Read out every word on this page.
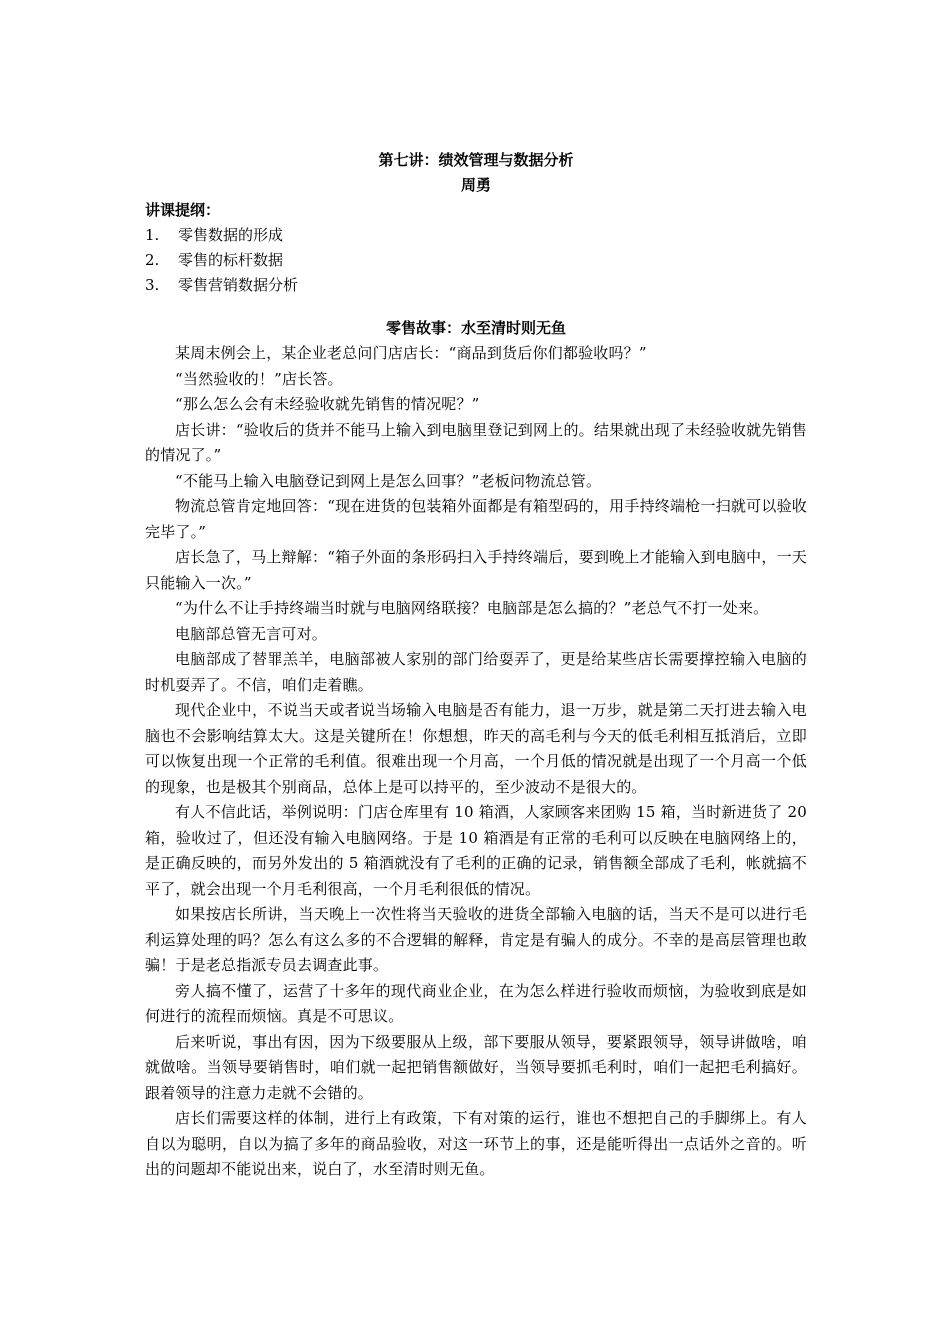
第七讲：绩效管理与数据分析
周勇
讲课提纲：
1.	零售数据的形成
2.	零售的标杆数据
3.	零售营销数据分析
零售故事：水至清时则无鱼

某周末例会上，某企业老总问门店店长：“商品到货后你们都验收吗？”

“当然验收的！”店长答。

“那么怎么会有未经验收就先销售的情况呢？”

店长讲：“验收后的货并不能马上输入到电脑里登记到网上的。结果就出现了未经验收就先销售的情况了。”

“不能马上输入电脑登记到网上是怎么回事？”老板问物流总管。

物流总管肯定地回答：“现在进货的包装箱外面都是有箱型码的，用手持终端枪一扫就可以验收完毕了。”

店长急了，马上辩解：“箱子外面的条形码扫入手持终端后，要到晚上才能输入到电脑中，一天只能输入一次。”

“为什么不让手持终端当时就与电脑网络联接？电脑部是怎么搞的？”老总气不打一处来。

电脑部总管无言可对。

电脑部成了替罪羔羊，电脑部被人家别的部门给耍弄了，更是给某些店长需要撑控输入电脑的时机耍弄了。不信，咱们走着瞧。

现代企业中，不说当天或者说当场输入电脑是否有能力，退一万步，就是第二天打进去输入电脑也不会影响结算太大。这是关键所在！你想想，昨天的高毛利与今天的低毛利相互抵消后，立即可以恢复出现一个正常的毛利值。很难出现一个月高，一个月低的情况就是出现了一个月高一个低的现象，也是极其个别商品，总体上是可以持平的，至少波动不是很大的。

有人不信此话，举例说明：门店仓库里有 10 箱酒，人家顾客来团购 15 箱，当时新进货了 20 箱，验收过了，但还没有输入电脑网络。于是 10 箱酒是有正常的毛利可以反映在电脑网络上的，是正确反映的，而另外发出的 5 箱酒就没有了毛利的正确的记录，销售额全部成了毛利，帐就搞不平了，就会出现一个月毛利很高，一个月毛利很低的情况。

如果按店长所讲，当天晚上一次性将当天验收的进货全部输入电脑的话，当天不是可以进行毛利运算处理的吗？怎么有这么多的不合逻辑的解释，肯定是有骗人的成分。不幸的是高层管理也敢骗！于是老总指派专员去调查此事。

旁人搞不懂了，运营了十多年的现代商业企业，在为怎么样进行验收而烦恼，为验收到底是如何进行的流程而烦恼。真是不可思议。

后来听说，事出有因，因为下级要服从上级，部下要服从领导，要紧跟领导，领导讲做啥，咱就做啥。当领导要销售时，咱们就一起把销售额做好，当领导要抓毛利时，咱们一起把毛利搞好。跟着领导的注意力走就不会错的。

店长们需要这样的体制，进行上有政策，下有对策的运行，谁也不想把自己的手脚绑上。有人自以为聪明，自以为搞了多年的商品验收，对这一环节上的事，还是能听得出一点话外之音的。听出的问题却不能说出来，说白了，水至清时则无鱼。
